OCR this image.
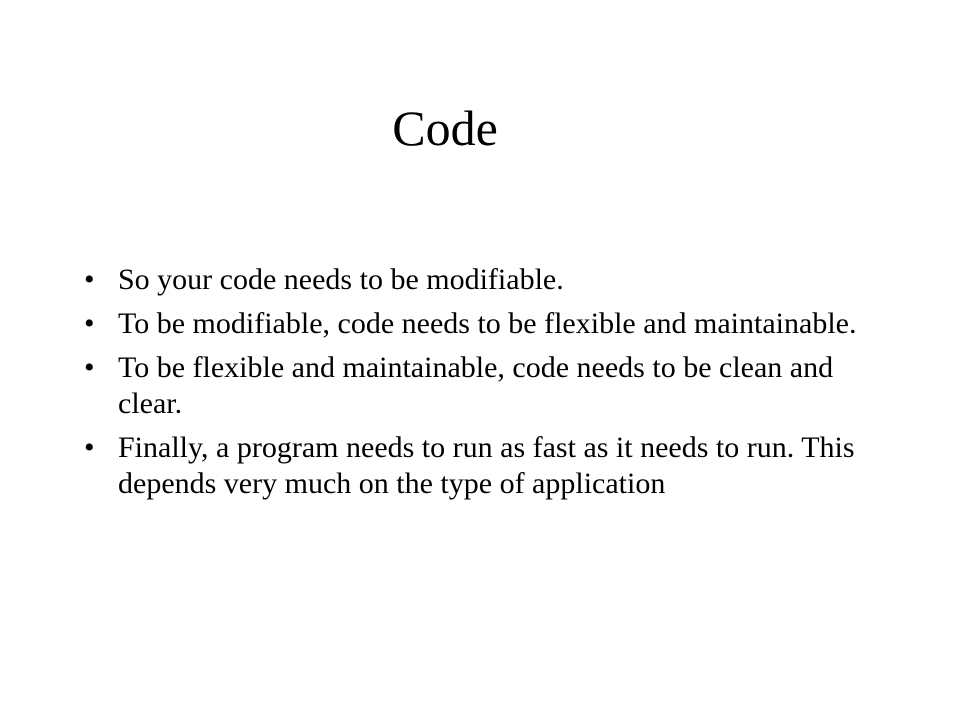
Code
• So your code needs to be modifiable.
• To be modifiable, code needs to be flexible and maintainable.
• To be flexible and maintainable, code needs to be clean and clear.
• Finally, a program needs to run as fast as it needs to run. This depends very much on the type of application
